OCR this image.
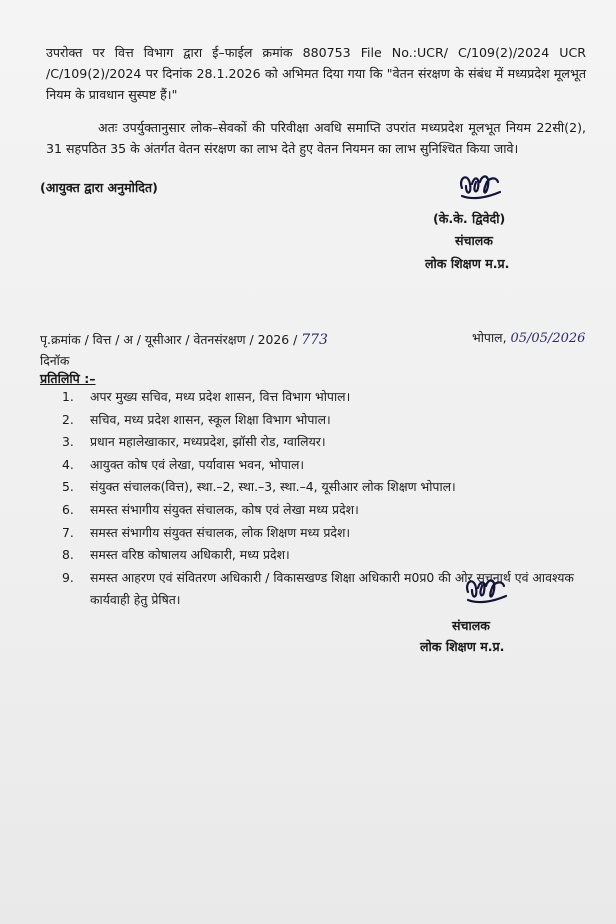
उपरोक्त पर वित्त विभाग द्वारा ई–फाईल क्रमांक 880753 File No.:UCR/ C/109(2)/2024 UCR /C/109(2)/2024 पर दिनांक 28.1.2026 को अभिमत दिया गया कि "वेतन संरक्षण के संबंध में मध्यप्रदेश मूलभूत नियम के प्रावधान सुस्पष्ट हैं।"
अतः उपर्युक्तानुसार लोक–सेवकों की परिवीक्षा अवधि समाप्ति उपरांत मध्यप्रदेश मूलभूत नियम 22सी(2), 31 सहपठित 35 के अंतर्गत वेतन संरक्षण का लाभ देते हुए वेतन नियमन का लाभ सुनिश्चित किया जावे।
(आयुक्त द्वारा अनुमोदित)
(के.के. द्विवेदी)
संचालक
लोक शिक्षण म.प्र.
पृ.क्रमांक / वित्त / अ / यूसीआर / वेतनसंरक्षण / 2026 / 773	भोपाल, 05/05/2026
दिनॉक
प्रतिलिपि :–
1.	अपर मुख्य सचिव, मध्य प्रदेश शासन, वित्त विभाग भोपाल।
2.	सचिव, मध्य प्रदेश शासन, स्कूल शिक्षा विभाग भोपाल।
3.	प्रधान महालेखाकार, मध्यप्रदेश, झॉसी रोड, ग्वालियर।
4.	आयुक्त कोष एवं लेखा, पर्यावास भवन, भोपाल।
5.	संयुक्त संचालक(वित्त), स्था.–2, स्था.–3, स्था.–4, यूसीआर लोक शिक्षण भोपाल।
6.	समस्त संभागीय संयुक्त संचालक, कोष एवं लेखा मध्य प्रदेश।
7.	समस्त संभागीय संयुक्त संचालक, लोक शिक्षण मध्य प्रदेश।
8.	समस्त वरिष्ठ कोषालय अधिकारी, मध्य प्रदेश।
9.	समस्त आहरण एवं संवितरण अधिकारी / विकासखण्ड शिक्षा अधिकारी म0प्र0 की ओर सूचनार्थ एवं आवश्यक कार्यवाही हेतु प्रेषित।
संचालक
लोक शिक्षण म.प्र.
